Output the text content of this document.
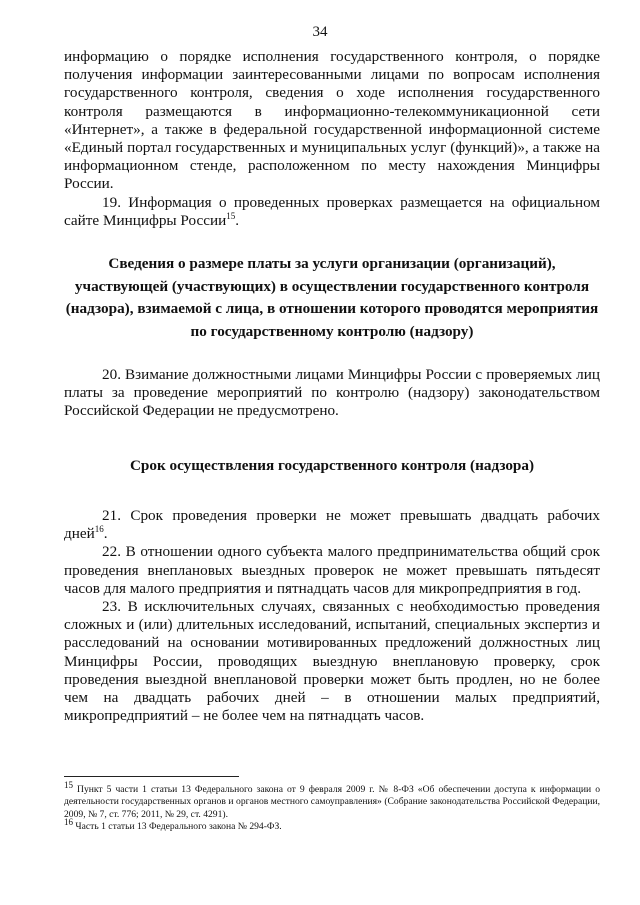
34

информацию о порядке исполнения государственного контроля, о порядке получения информации заинтересованными лицами по вопросам исполнения государственного контроля, сведения о ходе исполнения государственного контроля размещаются в информационно-телекоммуникационной сети «Интернет», а также в федеральной государственной информационной системе «Единый портал государственных и муниципальных услуг (функций)», а также на информационном стенде, расположенном по месту нахождения Минцифры России.

19. Информация о проведенных проверках размещается на официальном сайте Минцифры России$^{15}$.

Сведения о размере платы за услуги организации (организаций), участвующей (участвующих) в осуществлении государственного контроля (надзора), взимаемой с лица, в отношении которого проводятся мероприятия по государственному контролю (надзору)

20. Взимание должностными лицами Минцифры России с проверяемых лиц платы за проведение мероприятий по контролю (надзору) законодательством Российской Федерации не предусмотрено.

Срок осуществления государственного контроля (надзора)

21. Срок проведения проверки не может превышать двадцать рабочих дней$^{16}$.

22. В отношении одного субъекта малого предпринимательства общий срок проведения внеплановых выездных проверок не может превышать пятьдесят часов для малого предприятия и пятнадцать часов для микропредприятия в год.

23. В исключительных случаях, связанных с необходимостью проведения сложных и (или) длительных исследований, испытаний, специальных экспертиз и расследований на основании мотивированных предложений должностных лиц Минцифры России, проводящих выездную внеплановую проверку, срок проведения выездной внеплановой проверки может быть продлен, но не более чем на двадцать рабочих дней – в отношении малых предприятий, микропредприятий – не более чем на пятнадцать часов.

$^{15}$ Пункт 5 части 1 статьи 13 Федерального закона от 9 февраля 2009 г. № 8-ФЗ «Об обеспечении доступа к информации о деятельности государственных органов и органов местного самоуправления» (Собрание законодательства Российской Федерации, 2009, № 7, ст. 776; 2011, № 29, ст. 4291).

$^{16}$ Часть 1 статьи 13 Федерального закона № 294-ФЗ.
